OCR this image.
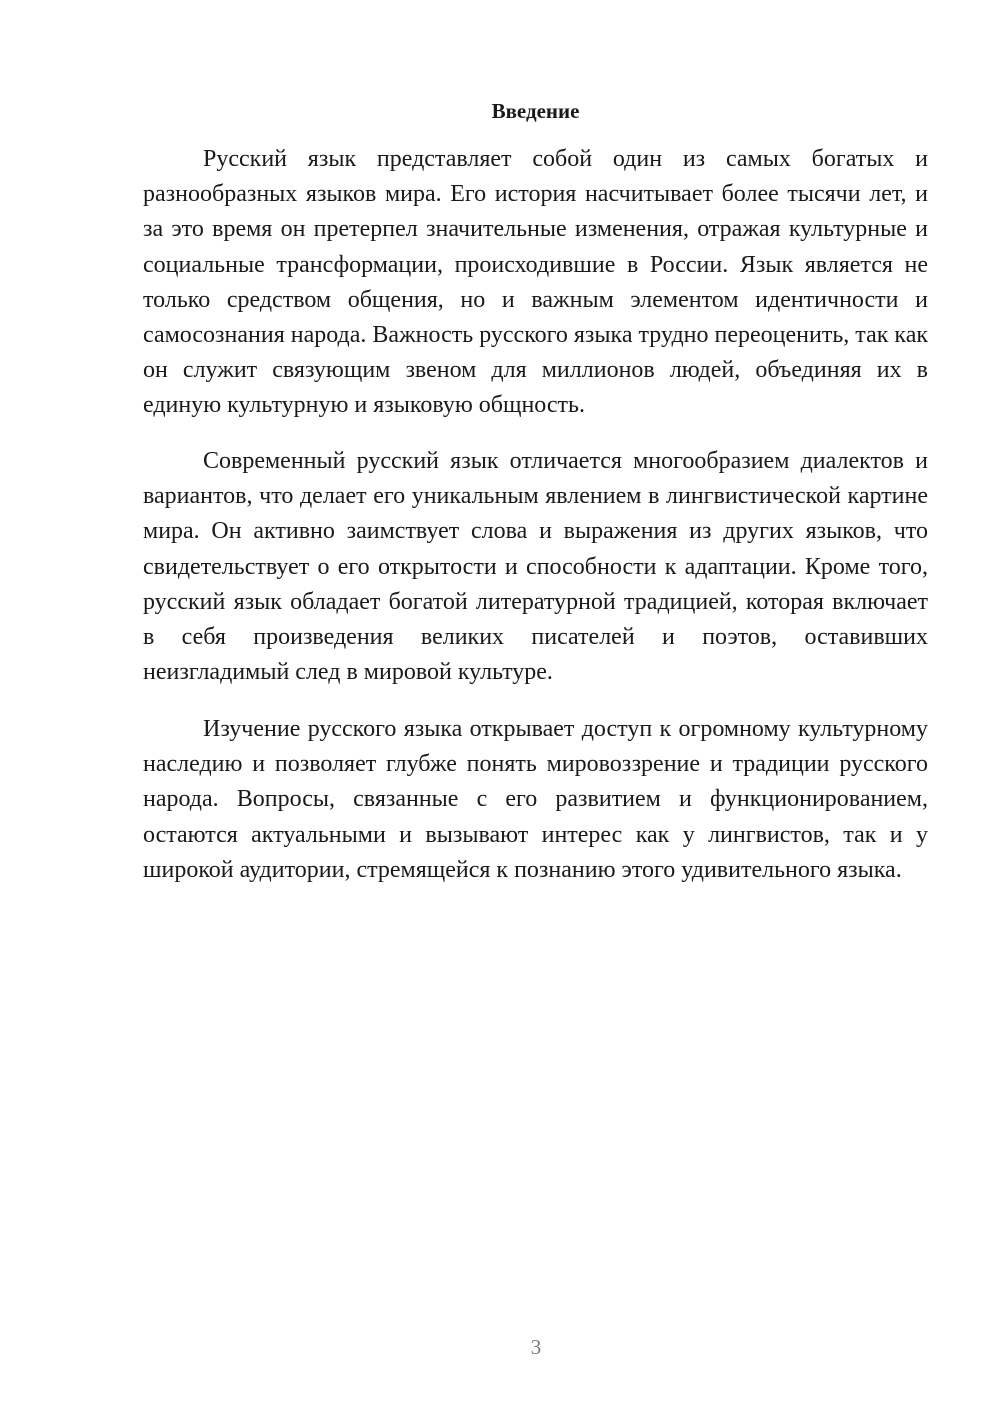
Введение

Русский язык представляет собой один из самых богатых и разнообразных языков мира. Его история насчитывает более тысячи лет, и за это время он претерпел значительные изменения, отражая культурные и социальные трансформации, происходившие в России. Язык является не только средством общения, но и важным элементом идентичности и самосознания народа. Важность русского языка трудно переоценить, так как он служит связующим звеном для миллионов людей, объединяя их в единую культурную и языковую общность.

Современный русский язык отличается многообразием диалектов и вариантов, что делает его уникальным явлением в лингвистической картине мира. Он активно заимствует слова и выражения из других языков, что свидетельствует о его открытости и способности к адаптации. Кроме того, русский язык обладает богатой литературной традицией, которая включает в себя произведения великих писателей и поэтов, оставивших неизгладимый след в мировой культуре.

Изучение русского языка открывает доступ к огромному культурному наследию и позволяет глубже понять мировоззрение и традиции русского народа. Вопросы, связанные с его развитием и функционированием, остаются актуальными и вызывают интерес как у лингвистов, так и у широкой аудитории, стремящейся к познанию этого удивительного языка.

3
